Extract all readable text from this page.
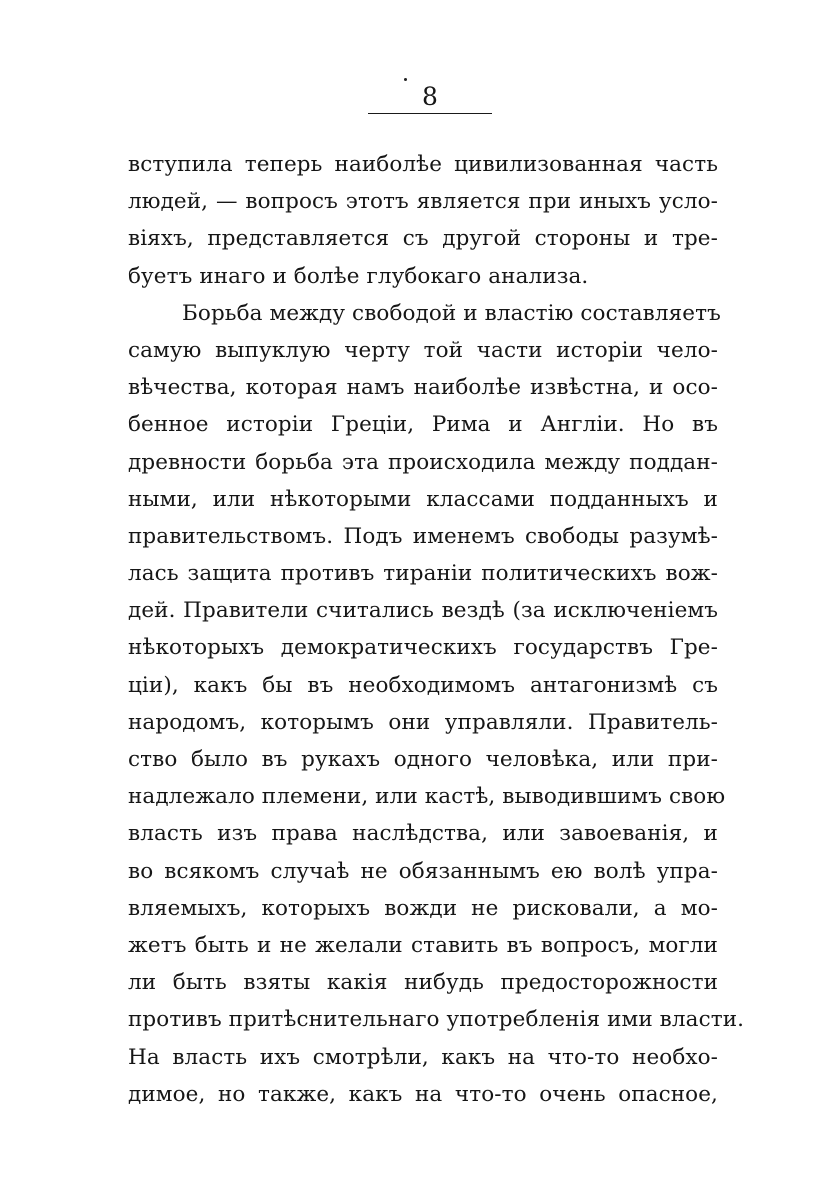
8
вступила теперь наиболѣе цивилизованная часть
людей, — вопросъ этотъ является при иныхъ усло-
віяхъ, представляется съ другой стороны и тре-
буетъ инаго и болѣе глубокаго анализа.
Борьба между свободой и властію составляетъ
самую выпуклую черту той части исторіи чело-
вѣчества, которая намъ наиболѣе извѣстна, и осо-
бенное исторіи Греціи, Рима и Англіи. Но въ
древности борьба эта происходила между поддан-
ными, или нѣкоторыми классами подданныхъ и
правительствомъ. Подъ именемъ свободы разумѣ-
лась защита противъ тираніи политическихъ вож-
дей. Правители считались вездѣ (за исключеніемъ
нѣкоторыхъ демократическихъ государствъ Гре-
ціи), какъ бы въ необходимомъ антагонизмѣ съ
народомъ, которымъ они управляли. Правитель-
ство было въ рукахъ одного человѣка, или при-
надлежало племени, или кастѣ, выводившимъ свою
власть изъ права наслѣдства, или завоеванія, и
во всякомъ случаѣ не обязаннымъ ею волѣ упра-
вляемыхъ, которыхъ вожди не рисковали, а мо-
жетъ быть и не желали ставить въ вопросъ, могли
ли быть взяты какія нибудь предосторожности
противъ притѣснительнаго употребленія ими власти.
На власть ихъ смотрѣли, какъ на что-то необхо-
димое, но также, какъ на что-то очень опасное,
